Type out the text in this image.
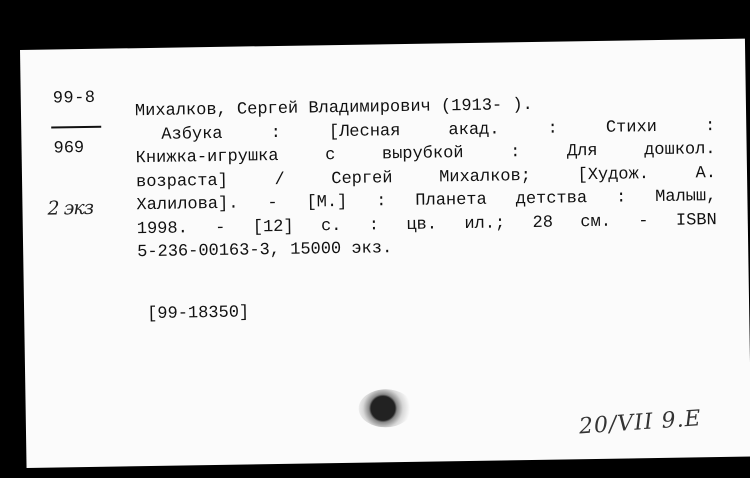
99-8
969
2 экз
Михалков, Сергей Владимирович (1913- ).
Азбука	:	[Лесная	акад.	:	Стихи	:
Книжка-игрушка	с	вырубкой	:	Для	дошкол.
возраста]	/	Сергей	Михалков;	[Худож.	А.
Халилова]. - [М.] : Планета детства : Малыш,
1998. - [12] с. : цв. ил.; 28 см. - ISBN
5-236-00163-3, 15000 экз.
[99-18350]
20/VII 9.E
